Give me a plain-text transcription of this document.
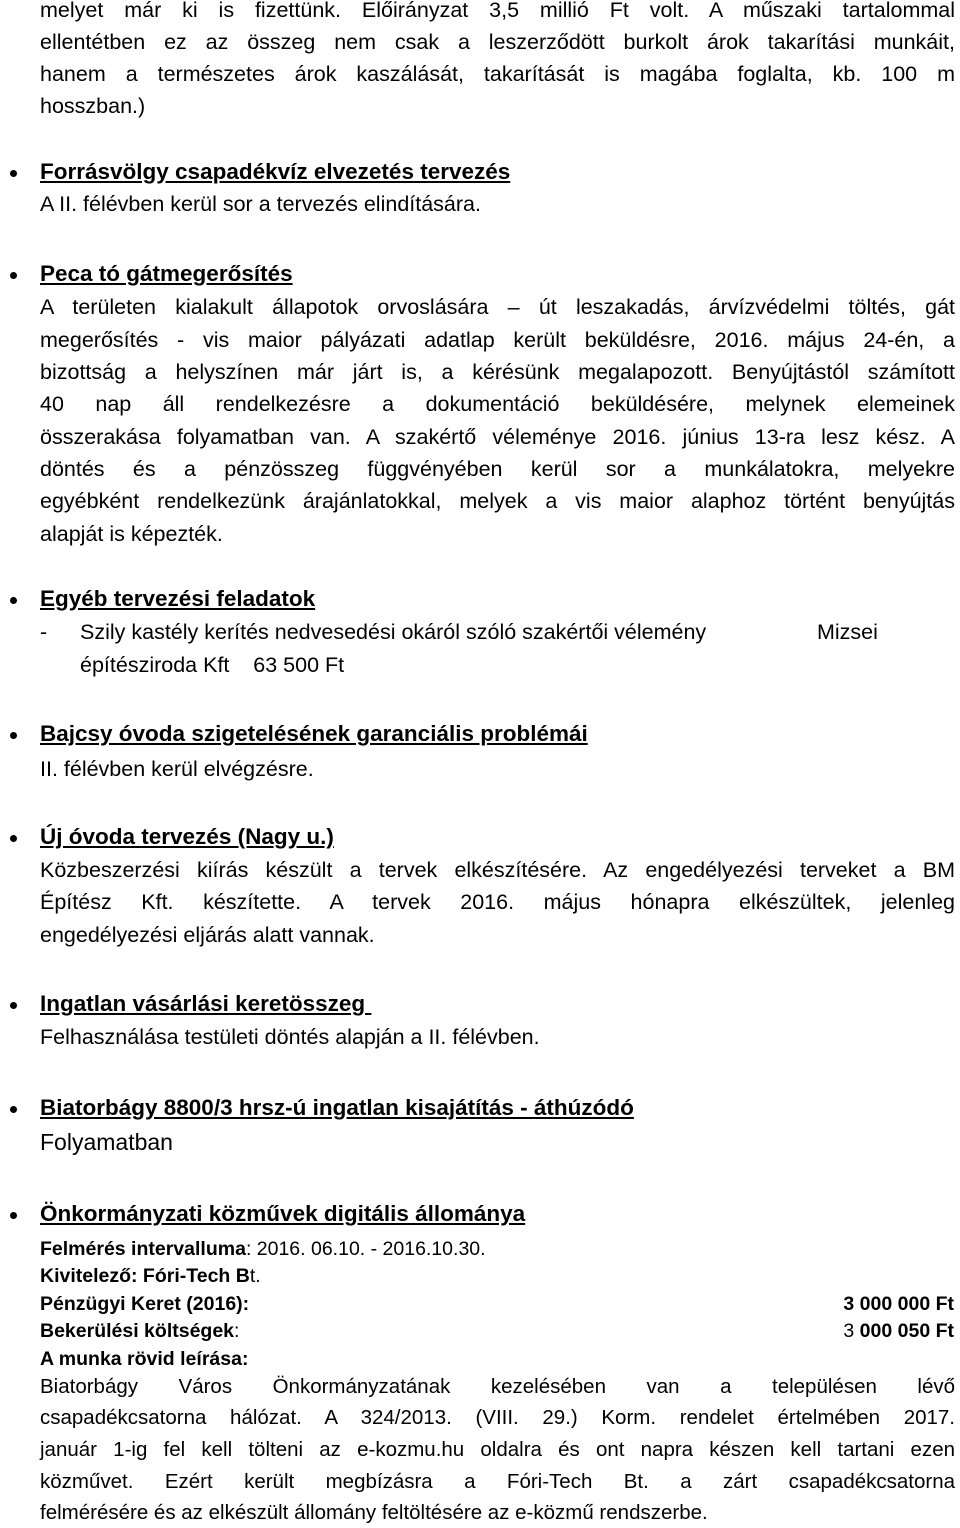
melyet már ki is fizettünk. Előirányzat 3,5 millió Ft volt. A műszaki tartalommal
ellentétben ez az összeg nem csak a leszerződött burkolt árok takarítási munkáit,
hanem a természetes árok kaszálását, takarítását is magába foglalta, kb. 100 m
hosszban.)
Forrásvölgy csapadékvíz elvezetés tervezés
A II. félévben kerül sor a tervezés elindítására.
Peca tó gátmegerősítés
A területen kialakult állapotok orvoslására – út leszakadás, árvízvédelmi töltés, gát
megerősítés - vis maior pályázati adatlap került beküldésre, 2016. május 24-én, a
bizottság a helyszínen már járt is, a kérésünk megalapozott. Benyújtástól számított
40 nap áll rendelkezésre a dokumentáció beküldésére, melynek elemeinek
összerakása folyamatban van. A szakértő véleménye 2016. június 13-ra lesz kész. A
döntés és a pénzösszeg függvényében kerül sor a munkálatokra, melyekre
egyébként rendelkezünk árajánlatokkal, melyek a vis maior alaphoz történt benyújtás
alapját is képezték.
Egyéb tervezési feladatok
- Szily kastély kerítés nedvesedési okáról szóló szakértői vélemény	Mizsei
építésziroda Kft    63 500 Ft
Bajcsy óvoda szigetelésének garanciális problémái
II. félévben kerül elvégzésre.
Új óvoda tervezés (Nagy u.)
Közbeszerzési kiírás készült a tervek elkészítésére. Az engedélyezési terveket a BM
Építész Kft. készítette. A tervek 2016. május hónapra elkészültek, jelenleg
engedélyezési eljárás alatt vannak.
Ingatlan vásárlási keretösszeg
Felhasználása testületi döntés alapján a II. félévben.
Biatorbágy 8800/3 hrsz-ú ingatlan kisajátítás - áthúzódó
Folyamatban
Önkormányzati közművek digitális állománya
Felmérés intervalluma: 2016. 06.10. - 2016.10.30.
Kivitelező: Fóri-Tech Bt.
Pénzügyi Keret (2016):	3 000 000 Ft
Bekerülési költségek:	3 000 050 Ft
A munka rövid leírása:
Biatorbágy Város Önkormányzatának kezelésében van a településen lévő
csapadékcsatorna hálózat. A 324/2013. (VIII. 29.) Korm. rendelet értelmében 2017.
január 1-ig fel kell tölteni az e-kozmu.hu oldalra és ont napra készen kell tartani ezen
közművet. Ezért került megbízásra a Fóri-Tech Bt. a zárt csapadékcsatorna
felmérésére és az elkészült állomány feltöltésére az e-közmű rendszerbe.
